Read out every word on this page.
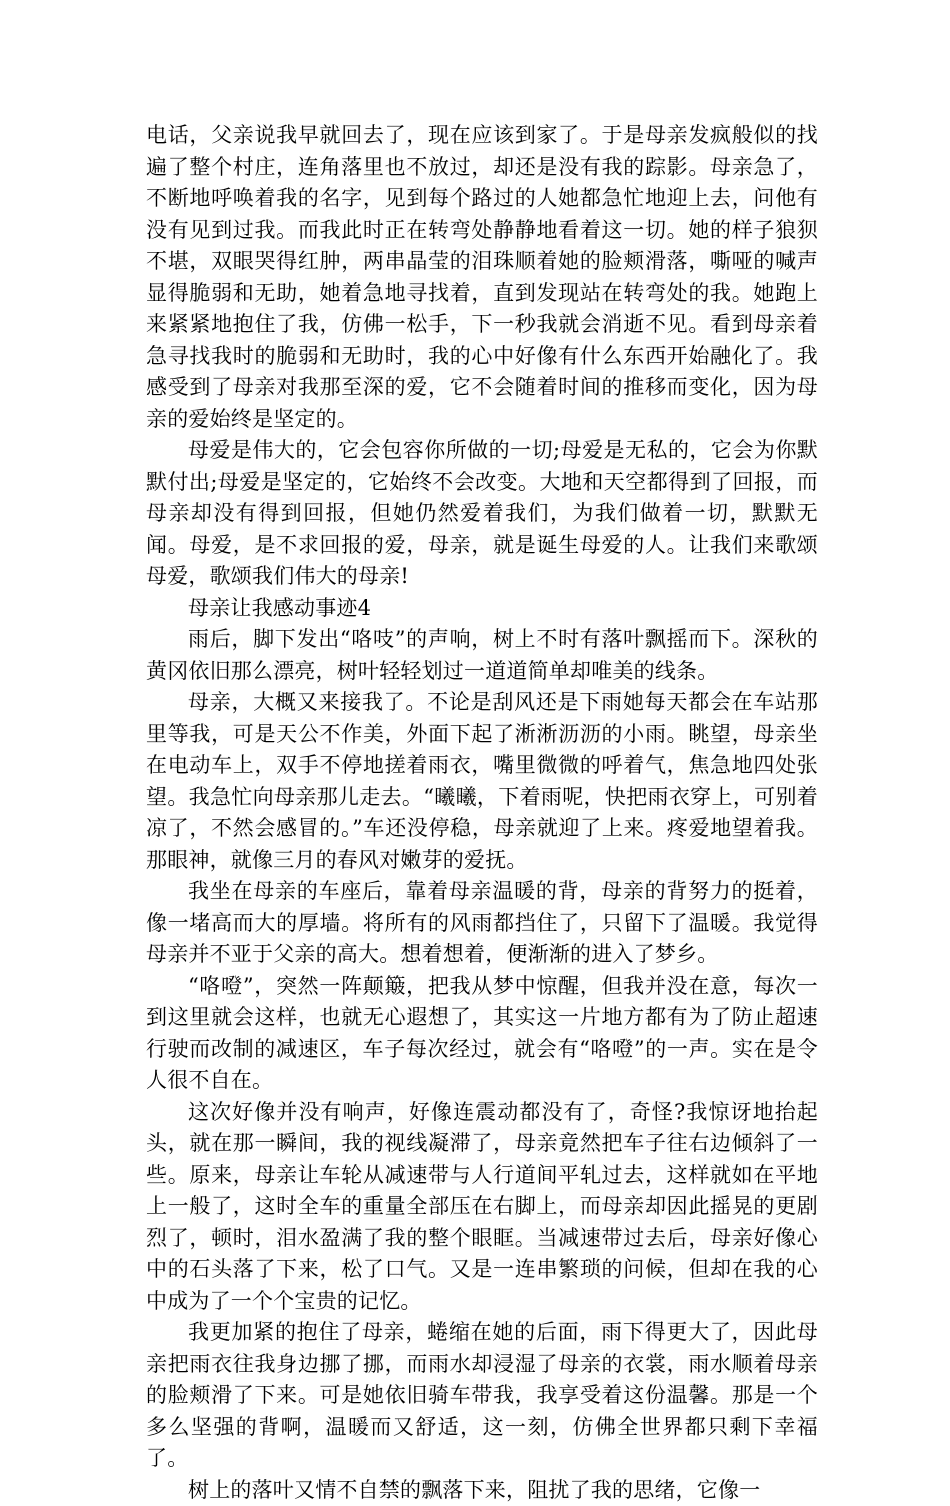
电话，父亲说我早就回去了，现在应该到家了。于是母亲发疯般似的找遍了整个村庄，连角落里也不放过，却还是没有我的踪影。母亲急了，不断地呼唤着我的名字，见到每个路过的人她都急忙地迎上去，问他有没有见到过我。而我此时正在转弯处静静地看着这一切。她的样子狼狈不堪，双眼哭得红肿，两串晶莹的泪珠顺着她的脸颊滑落，嘶哑的喊声显得脆弱和无助，她着急地寻找着，直到发现站在转弯处的我。她跑上来紧紧地抱住了我，仿佛一松手，下一秒我就会消逝不见。看到母亲着急寻找我时的脆弱和无助时，我的心中好像有什么东西开始融化了。我感受到了母亲对我那至深的爱，它不会随着时间的推移而变化，因为母亲的爱始终是坚定的。

母爱是伟大的，它会包容你所做的一切;母爱是无私的，它会为你默默付出;母爱是坚定的，它始终不会改变。大地和天空都得到了回报，而母亲却没有得到回报，但她仍然爱着我们，为我们做着一切，默默无闻。母爱，是不求回报的爱，母亲，就是诞生母爱的人。让我们来歌颂母爱，歌颂我们伟大的母亲!

母亲让我感动事迹4

雨后，脚下发出“咯吱”的声响，树上不时有落叶飘摇而下。深秋的黄冈依旧那么漂亮，树叶轻轻划过一道道简单却唯美的线条。

母亲，大概又来接我了。不论是刮风还是下雨她每天都会在车站那里等我，可是天公不作美，外面下起了淅淅沥沥的小雨。眺望，母亲坐在电动车上，双手不停地搓着雨衣，嘴里微微的呼着气，焦急地四处张望。我急忙向母亲那儿走去。“曦曦，下着雨呢，快把雨衣穿上，可别着凉了，不然会感冒的。”车还没停稳，母亲就迎了上来。疼爱地望着我。那眼神，就像三月的春风对嫩芽的爱抚。

我坐在母亲的车座后，靠着母亲温暖的背，母亲的背努力的挺着，像一堵高而大的厚墙。将所有的风雨都挡住了，只留下了温暖。我觉得母亲并不亚于父亲的高大。想着想着，便渐渐的进入了梦乡。

“咯噔”，突然一阵颠簸，把我从梦中惊醒，但我并没在意，每次一到这里就会这样，也就无心遐想了，其实这一片地方都有为了防止超速行驶而改制的减速区，车子每次经过，就会有“咯噔”的一声。实在是令人很不自在。

这次好像并没有响声，好像连震动都没有了，奇怪?我惊讶地抬起头，就在那一瞬间，我的视线凝滞了，母亲竟然把车子往右边倾斜了一些。原来，母亲让车轮从减速带与人行道间平轧过去，这样就如在平地上一般了，这时全车的重量全部压在右脚上，而母亲却因此摇晃的更剧烈了，顿时，泪水盈满了我的整个眼眶。当减速带过去后，母亲好像心中的石头落了下来，松了口气。又是一连串繁琐的问候，但却在我的心中成为了一个个宝贵的记忆。

我更加紧的抱住了母亲，蜷缩在她的后面，雨下得更大了，因此母亲把雨衣往我身边挪了挪，而雨水却浸湿了母亲的衣裳，雨水顺着母亲的脸颊滑了下来。可是她依旧骑车带我，我享受着这份温馨。那是一个多么坚强的背啊，温暖而又舒适，这一刻，仿佛全世界都只剩下幸福了。

树上的落叶又情不自禁的飘落下来，阻扰了我的思绪，它像一
